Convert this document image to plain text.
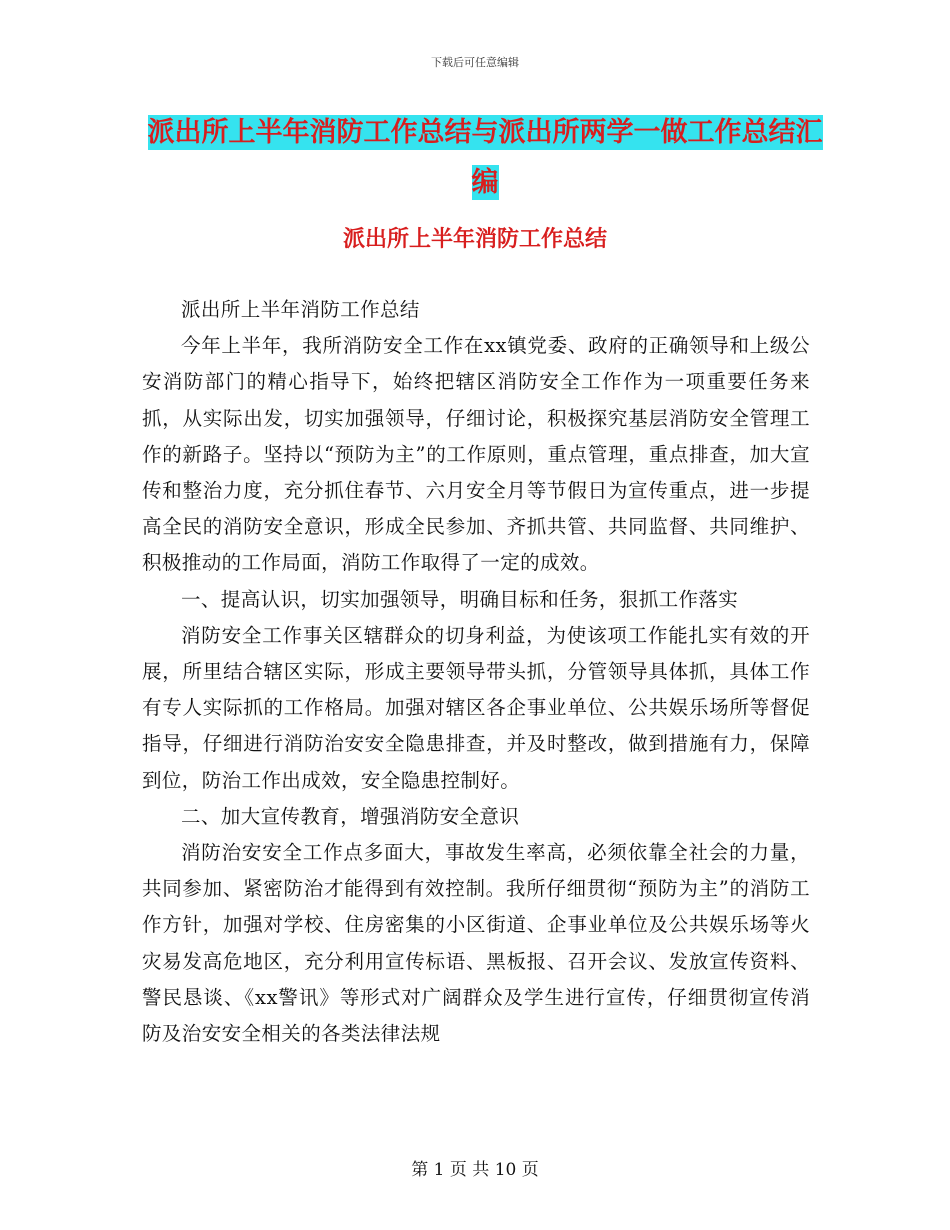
下载后可任意编辑
派出所上半年消防工作总结与派出所两学一做工作总结汇编
派出所上半年消防工作总结

派出所上半年消防工作总结

今年上半年，我所消防安全工作在xx镇党委、政府的正确领导和上级公安消防部门的精心指导下，始终把辖区消防安全工作作为一项重要任务来抓，从实际出发，切实加强领导，仔细讨论，积极探究基层消防安全管理工作的新路子。坚持以“预防为主”的工作原则，重点管理，重点排查，加大宣传和整治力度，充分抓住春节、六月安全月等节假日为宣传重点，进一步提高全民的消防安全意识，形成全民参加、齐抓共管、共同监督、共同维护、积极推动的工作局面，消防工作取得了一定的成效。

一、提高认识，切实加强领导，明确目标和任务，狠抓工作落实

消防安全工作事关区辖群众的切身利益，为使该项工作能扎实有效的开展，所里结合辖区实际，形成主要领导带头抓，分管领导具体抓，具体工作有专人实际抓的工作格局。加强对辖区各企事业单位、公共娱乐场所等督促指导，仔细进行消防治安安全隐患排查，并及时整改，做到措施有力，保障到位，防治工作出成效，安全隐患控制好。

二、加大宣传教育，增强消防安全意识

消防治安安全工作点多面大，事故发生率高，必须依靠全社会的力量，共同参加、紧密防治才能得到有效控制。我所仔细贯彻“预防为主”的消防工作方针，加强对学校、住房密集的小区街道、企事业单位及公共娱乐场等火灾易发高危地区，充分利用宣传标语、黑板报、召开会议、发放宣传资料、警民恳谈、《xx警讯》等形式对广阔群众及学生进行宣传，仔细贯彻宣传消防及治安安全相关的各类法律法规

第 1 页 共 10 页
